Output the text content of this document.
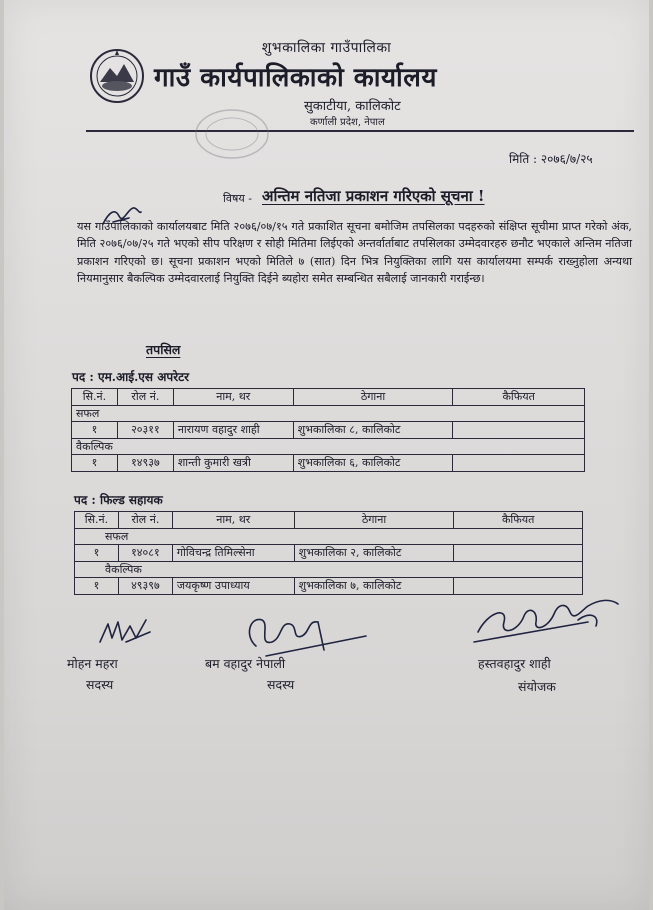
शुभकालिका गाउँपालिका
गाउँ कार्यपालिकाको कार्यालय
सुकाटीया, कालिकोट
कर्णाली प्रदेश, नेपाल
मिति : २०७६/७/२५
विषय - अन्तिम नतिजा प्रकाशन गरिएको सूचना !
यस गाउँपालिकाको कार्यालयबाट मिति २०७६/०७/१५ गते प्रकाशित सूचना बमोजिम तपसिलका पदहरुको संक्षिप्त सूचीमा प्राप्त गरेको अंक, मिति २०७६/०७/२५ गते भएको सीप परिक्षण र सोही मितिमा लिईएको अन्तर्वार्ताबाट तपसिलका उम्मेदवारहरु छनौट भएकाले अन्तिम नतिजा प्रकाशन गरिएको छ। सूचना प्रकाशन भएको मितिले ७ (सात) दिन भित्र नियुक्तिका लागि यस कार्यालयमा सम्पर्क राख्नुहोला अन्यथा नियमानुसार बैकल्पिक उम्मेदवारलाई नियुक्ति दिईने ब्यहोरा समेत सम्बन्धित सबैलाई जानकारी गराईन्छ।
तपसिल
पद : एम.आई.एस अपरेटर
सि.नं.	रोल नं.	नाम, थर	ठेगाना	कैफियत
सफल				
१	२०३११	नारायण वहादुर शाही	शुभकालिका ८, कालिकोट	
वैकल्पिक				
१	१४९३७	शान्ती कुमारी खत्री	शुभकालिका ६, कालिकोट	
पद : फिल्ड सहायक
सि.नं.	रोल नं.	नाम, थर	ठेगाना	कैफियत
सफल				
१	१४०८१	गोविचन्द्र तिमिल्सेना	शुभकालिका २, कालिकोट	
वैकल्पिक				
१	४९३९७	जयकृष्ण उपाध्याय	शुभकालिका ७, कालिकोट	
मोहन महरा
सदस्य
बम वहादुर नेपाली
सदस्य
हस्तवहादुर शाही
संयोजक
